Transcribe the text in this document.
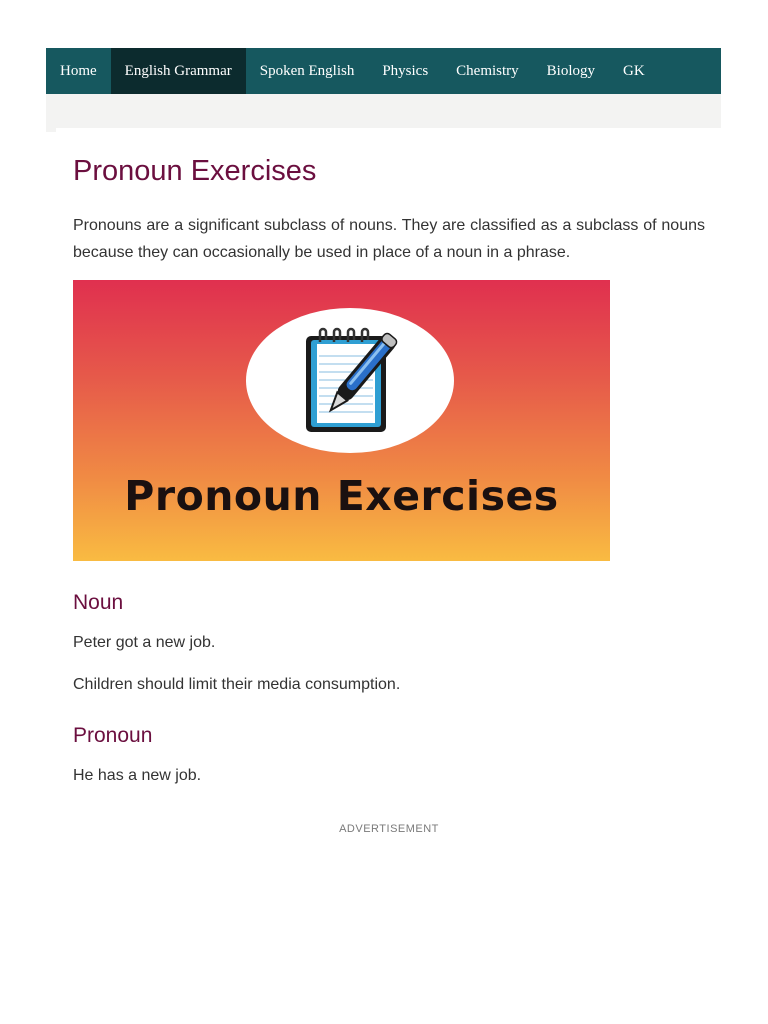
Home	English Grammar	Spoken English	Physics	Chemistry	Biology	GK
Pronoun Exercises

Pronouns are a significant subclass of nouns. They are classified as a subclass of nouns because they can occasionally be used in place of a noun in a phrase.

Pronoun Exercises
Noun

Peter got a new job.

Children should limit their media consumption.

Pronoun

He has a new job.

ADVERTISEMENT
